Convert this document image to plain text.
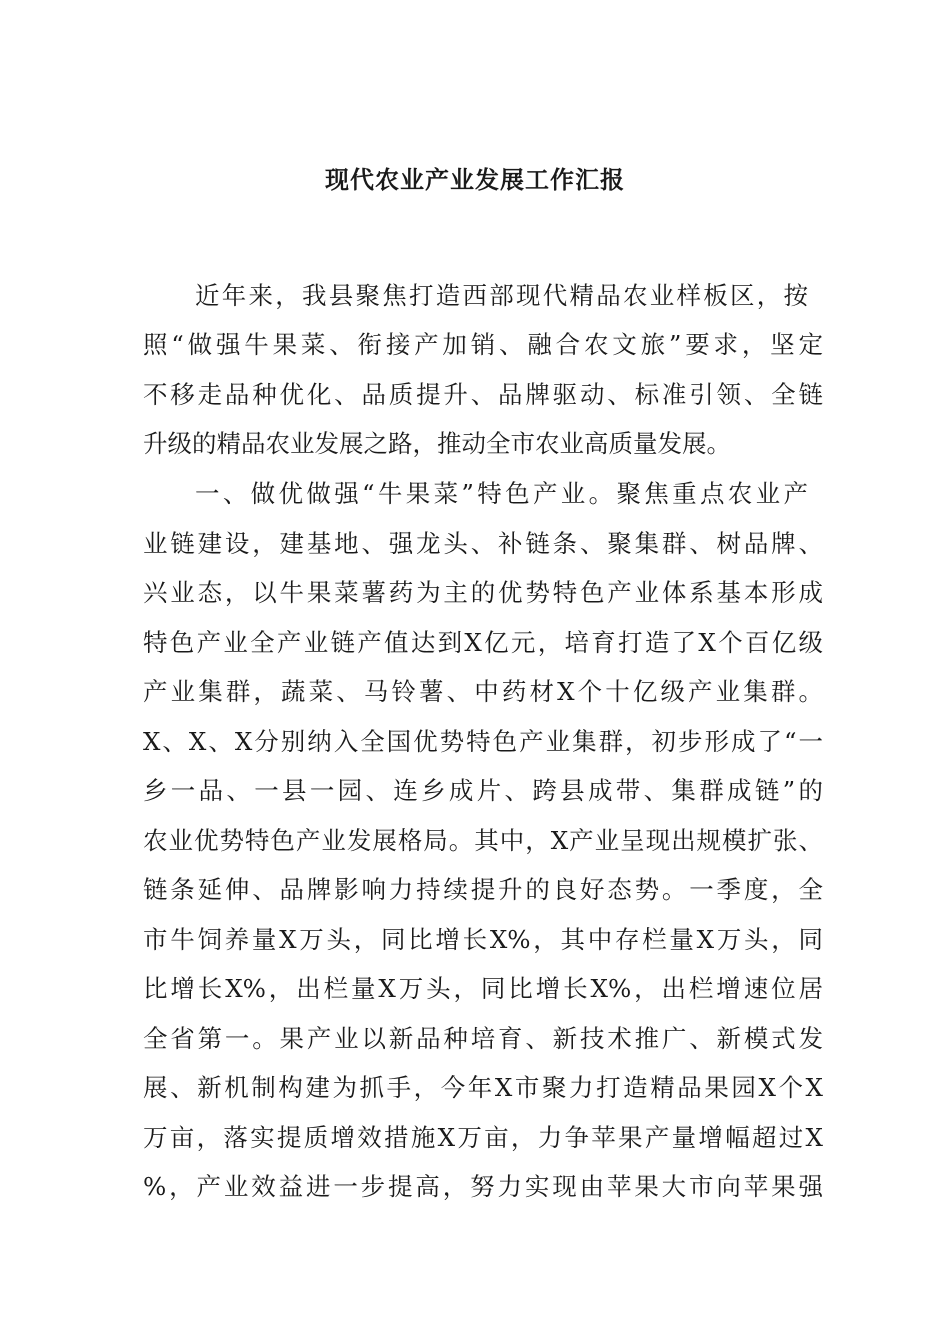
现代农业产业发展工作汇报
近年来，我县聚焦打造西部现代精品农业样板区，按
照“做强牛果菜、衔接产加销、融合农文旅”要求，坚定
不移走品种优化、品质提升、品牌驱动、标准引领、全链
升级的精品农业发展之路，推动全市农业高质量发展。
一、做优做强“牛果菜”特色产业。聚焦重点农业产
业链建设，建基地、强龙头、补链条、聚集群、树品牌、
兴业态，以牛果菜薯药为主的优势特色产业体系基本形成
特色产业全产业链产值达到X亿元，培育打造了X个百亿级
产业集群，蔬菜、马铃薯、中药材X个十亿级产业集群。
X、X、X分别纳入全国优势特色产业集群，初步形成了“一
乡一品、一县一园、连乡成片、跨县成带、集群成链”的
农业优势特色产业发展格局。其中，X产业呈现出规模扩张、
链条延伸、品牌影响力持续提升的良好态势。一季度，全
市牛饲养量X万头，同比增长X%，其中存栏量X万头，同
比增长X%，出栏量X万头，同比增长X%，出栏增速位居
全省第一。果产业以新品种培育、新技术推广、新模式发
展、新机制构建为抓手，今年X市聚力打造精品果园X个X
万亩，落实提质增效措施X万亩，力争苹果产量增幅超过X
%，产业效益进一步提高，努力实现由苹果大市向苹果强
